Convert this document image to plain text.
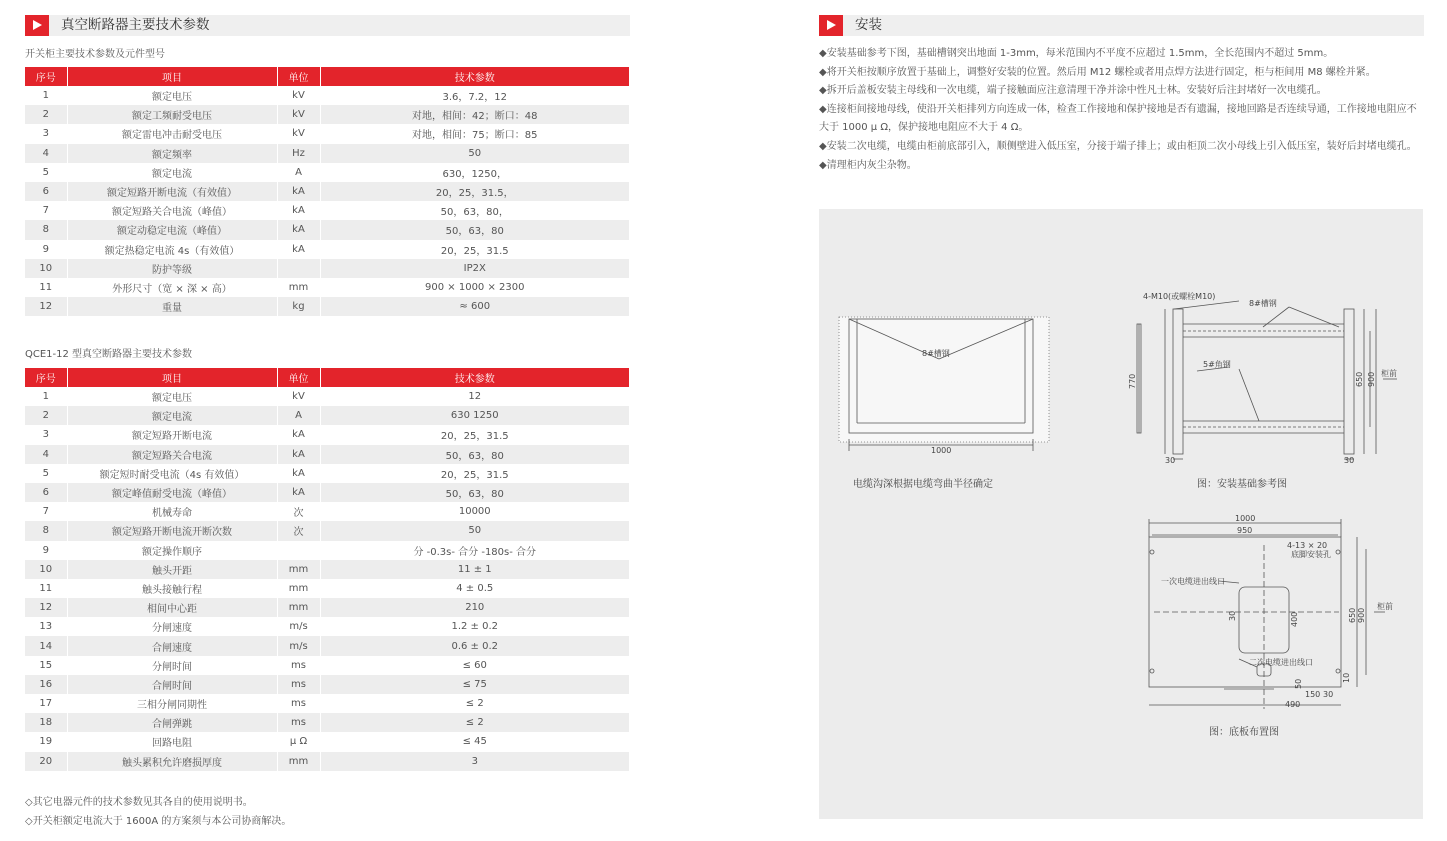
真空断路器主要技术参数
开关柜主要技术参数及元件型号
序号	项目	单位	技术参数
1	额定电压	kV	3.6，7.2，12
2	额定工频耐受电压	kV	对地，相间：42；断口：48
3	额定雷电冲击耐受电压	kV	对地，相间：75；断口：85
4	额定频率	Hz	50
5	额定电流	A	630，1250，
6	额定短路开断电流（有效值）	kA	20，25，31.5，
7	额定短路关合电流（峰值）	kA	50，63，80，
8	额定动稳定电流（峰值）	kA	50，63，80
9	额定热稳定电流 4s（有效值）	kA	20，25，31.5
10	防护等级		IP2X
11	外形尺寸（宽 × 深 × 高）	mm	900 × 1000 × 2300
12	重量	kg	≈ 600
QCE1-12 型真空断路器主要技术参数
序号	项目	单位	技术参数
1	额定电压	kV	12
2	额定电流	A	630 1250
3	额定短路开断电流	kA	20，25，31.5
4	额定短路关合电流	kA	50，63，80
5	额定短时耐受电流（4s 有效值）	kA	20，25，31.5
6	额定峰值耐受电流（峰值）	kA	50，63，80
7	机械寿命	次	10000
8	额定短路开断电流开断次数	次	50
9	额定操作顺序		分 -0.3s- 合分 -180s- 合分
10	触头开距	mm	11 ± 1
11	触头接触行程	mm	4 ± 0.5
12	相间中心距	mm	210
13	分闸速度	m/s	1.2 ± 0.2
14	合闸速度	m/s	0.6 ± 0.2
15	分闸时间	ms	≤ 60
16	合闸时间	ms	≤ 75
17	三相分闸同期性	ms	≤ 2
18	合闸弹跳	ms	≤ 2
19	回路电阻	μ Ω	≤ 45
20	触头累积允许磨损厚度	mm	3
◇其它电器元件的技术参数见其各自的使用说明书。
◇开关柜额定电流大于 1600A 的方案须与本公司协商解决。
安装

◆安装基础参考下图，基础槽钢突出地面 1-3mm，每米范围内不平度不应超过 1.5mm，全长范围内不超过 5mm。

◆将开关柜按顺序放置于基础上，调整好安装的位置。然后用 M12 螺栓或者用点焊方法进行固定，柜与柜间用 M8 螺栓并紧。

◆拆开后盖板安装主母线和一次电缆，端子接触面应注意清理干净并涂中性凡士林。安装好后注封堵好一次电缆孔。

◆连接柜间接地母线，使沿开关柜排列方向连成一体，检查工作接地和保护接地是否有遗漏，接地回路是否连续导通，工作接地电阻应不大于 1000 μ Ω，保护接地电阻应不大于 4 Ω。

◆安装二次电缆，电缆由柜前底部引入，顺侧壁进入低压室，分接于端子排上；或由柜顶二次小母线上引入低压室，装好后封堵电缆孔。

◆清理柜内灰尘杂物。

8#槽钢
1000
4-M10(或螺栓M10)
8#槽钢
5#角钢
770	650 900
30	30
柜前
1000
950
4-13 × 20
底脚安装孔
一次电缆进出线口
二次电缆进出线口
400
30	650 900
50
10
150 30
490
柜前
电缆沟深根据电缆弯曲半径确定	图：安装基础参考图
图：底板布置图
